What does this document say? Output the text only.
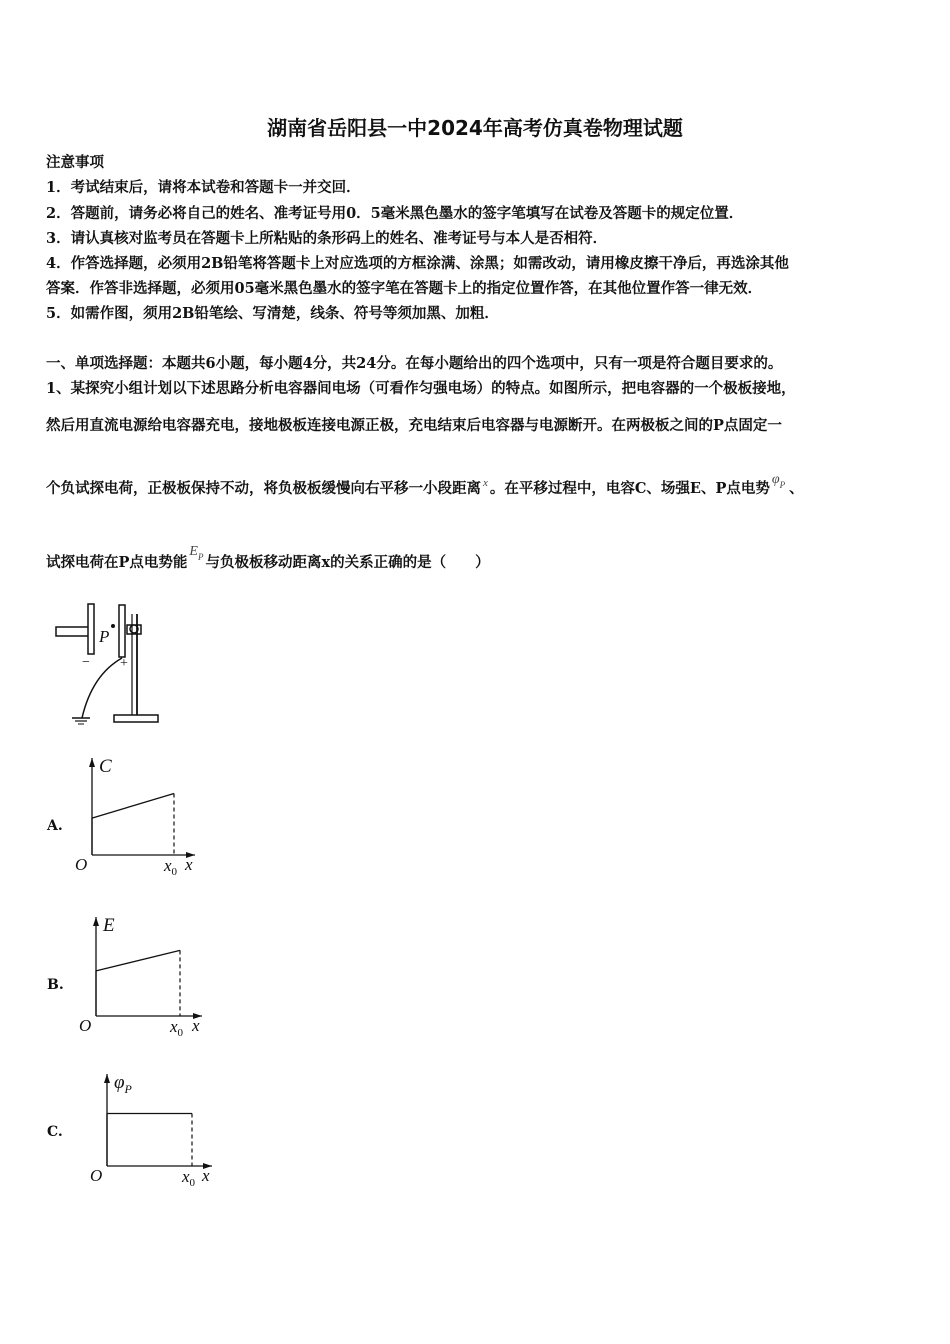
湖南省岳阳县一中2024年高考仿真卷物理试题
注意事项
1．考试结束后，请将本试卷和答题卡一并交回．
2．答题前，请务必将自己的姓名、准考证号用0．5毫米黑色墨水的签字笔填写在试卷及答题卡的规定位置．
3．请认真核对监考员在答题卡上所粘贴的条形码上的姓名、准考证号与本人是否相符．
4．作答选择题，必须用2B铅笔将答题卡上对应选项的方框涂满、涂黑；如需改动，请用橡皮擦干净后，再选涂其他
答案．作答非选择题，必须用05毫米黑色墨水的签字笔在答题卡上的指定位置作答，在其他位置作答一律无效．
5．如需作图，须用2B铅笔绘、写清楚，线条、符号等须加黑、加粗．
一、单项选择题：本题共6小题，每小题4分，共24分。在每小题给出的四个选项中，只有一项是符合题目要求的。
1、某探究小组计划以下述思路分析电容器间电场（可看作匀强电场）的特点。如图所示，把电容器的一个极板接地，
然后用直流电源给电容器充电，接地极板连接电源正极，充电结束后电容器与电源断开。在两极板之间的P点固定一
个负试探电荷，正极板保持不动，将负极板缓慢向右平移一小段距离 $^x$ 。在平移过程中，电容C、场强E、P点电势$\varphi^P$ 、
试探电荷在P点电势能$E^P$ 与负极板移动距离x的关系正确的是（　　）
P
− +
A.
C
O	$x_0$ x
B.
E
O	$x_0$ x
C.
$\varphi_P$
O	$x_0$ x
